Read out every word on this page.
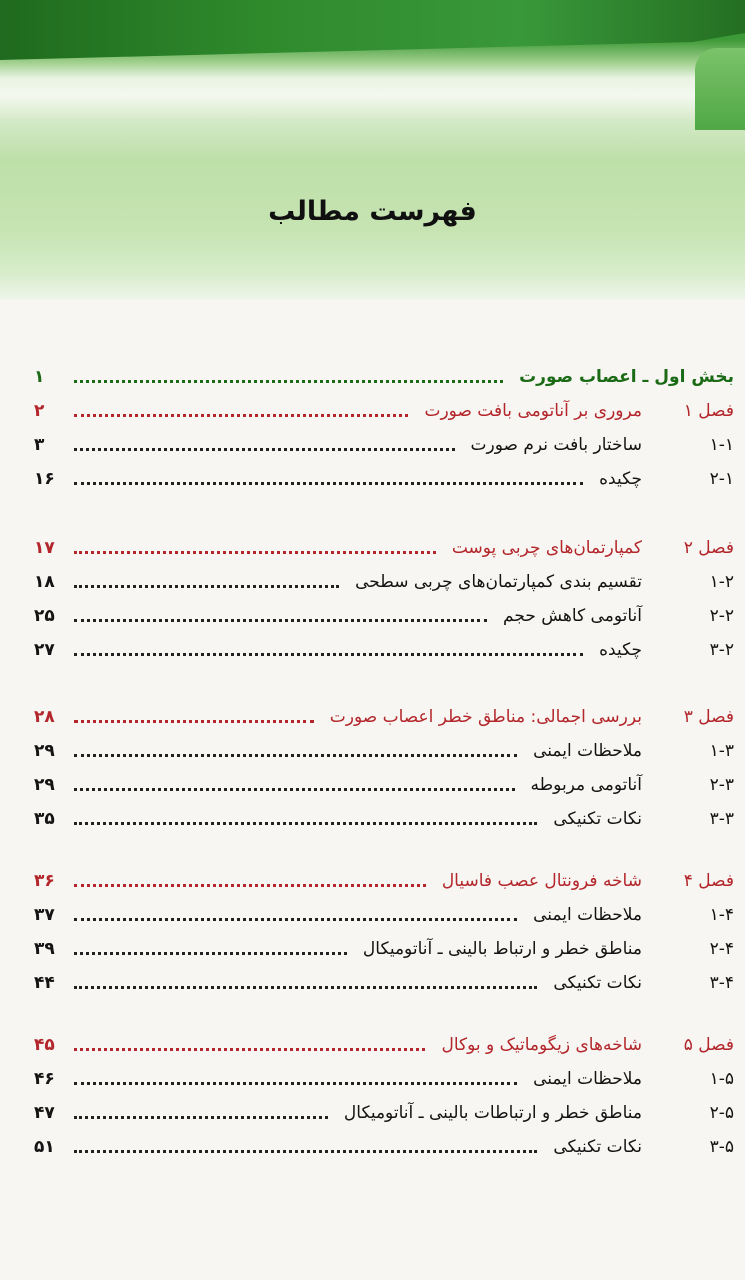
فهرست مطالب
بخش اول ـ اعصاب صورت
۱
فصل ۱
مروری بر آناتومی بافت صورت
۲
۱-۱
ساختار بافت نرم صورت
۳
۲-۱
چکیده
۱۶
فصل ۲
کمپارتمان‌های چربی پوست
۱۷
۱-۲
تقسیم بندی کمپارتمان‌های چربی سطحی
۱۸
۲-۲
آناتومی کاهش حجم
۲۵
۳-۲
چکیده
۲۷
فصل ۳
بررسی اجمالی: مناطق خطر اعصاب صورت
۲۸
۱-۳
ملاحظات ایمنی
۲۹
۲-۳
آناتومی مربوطه
۲۹
۳-۳
نکات تکنیکی
۳۵
فصل ۴
شاخه فرونتال عصب فاسیال
۳۶
۱-۴
ملاحظات ایمنی
۳۷
۲-۴
مناطق خطر و ارتباط بالینی ـ آناتومیکال
۳۹
۳-۴
نکات تکنیکی
۴۴
فصل ۵
شاخه‌های زیگوماتیک و بوکال
۴۵
۱-۵
ملاحظات ایمنی
۴۶
۲-۵
مناطق خطر و ارتباطات بالینی ـ آناتومیکال
۴۷
۳-۵
نکات تکنیکی
۵۱
